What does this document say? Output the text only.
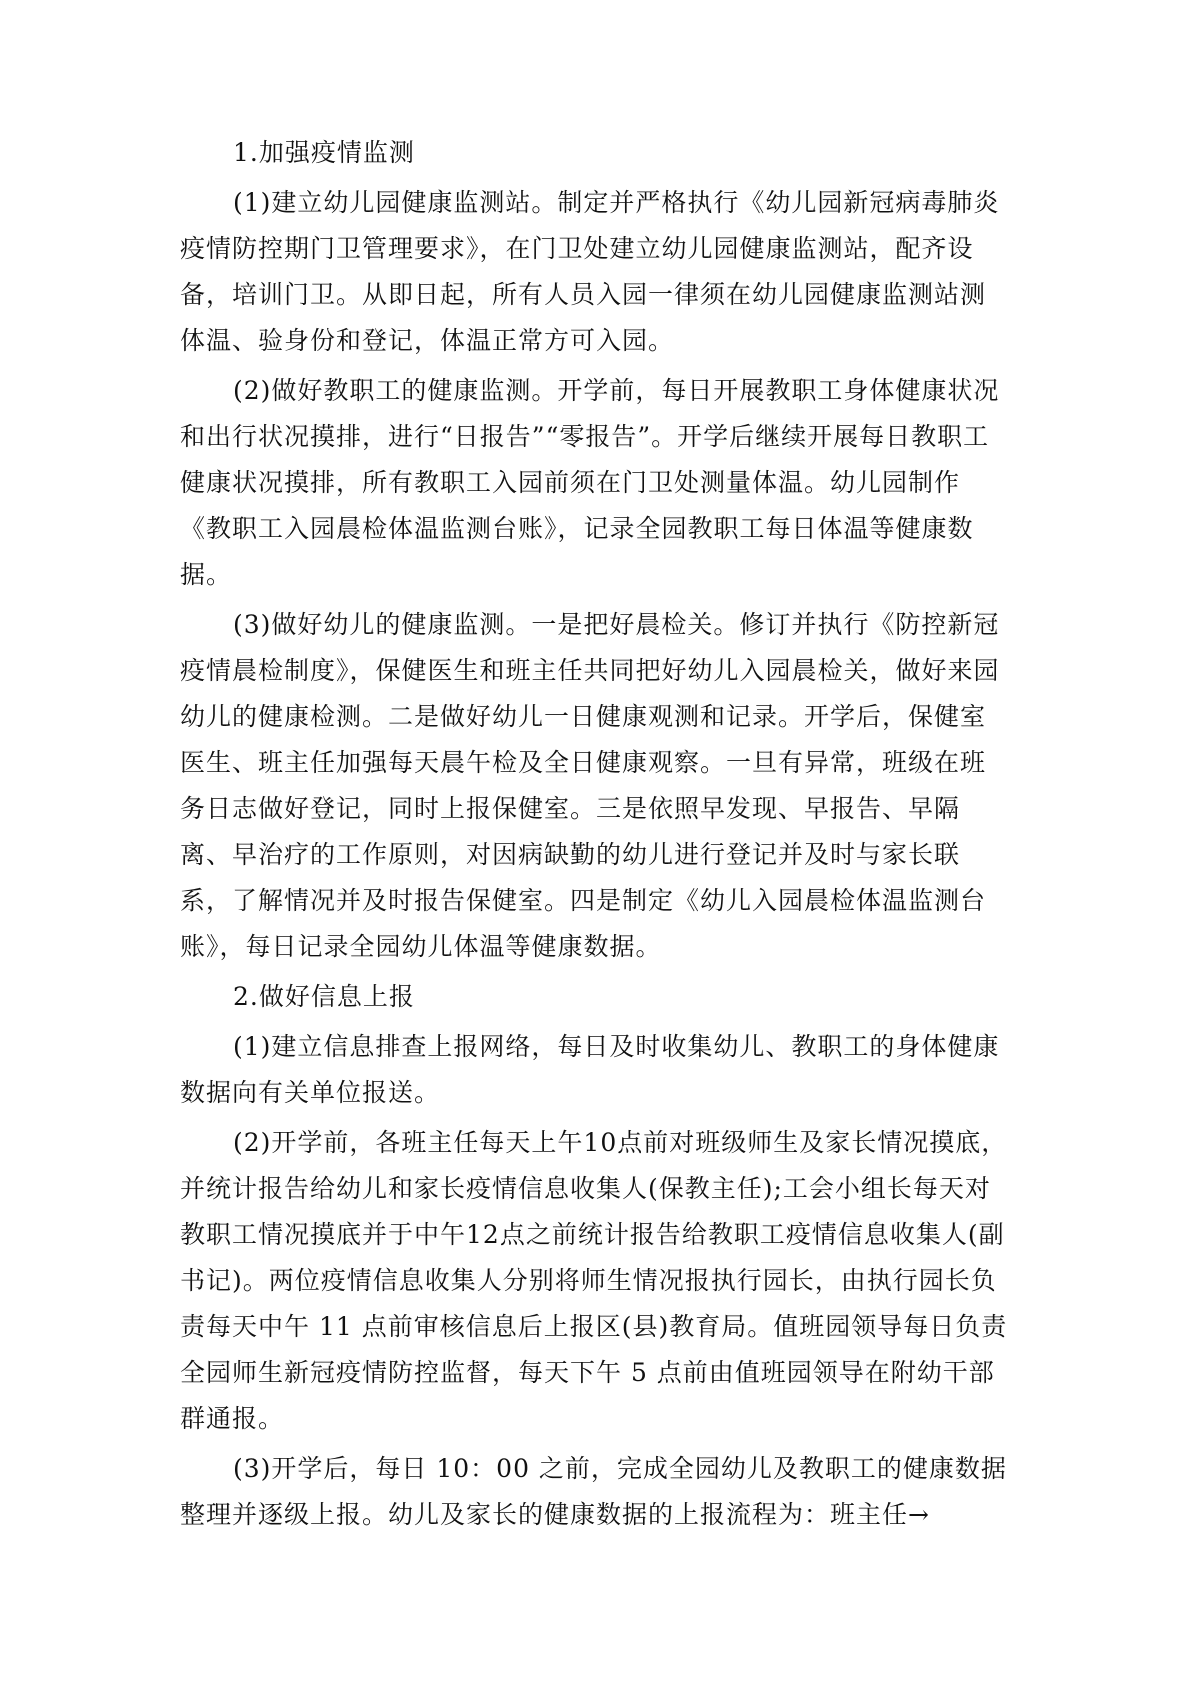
1.加强疫情监测

(1)建立幼儿园健康监测站。制定并严格执行《幼儿园新冠病毒肺炎疫情防控期门卫管理要求》，在门卫处建立幼儿园健康监测站，配齐设备，培训门卫。从即日起，所有人员入园一律须在幼儿园健康监测站测体温、验身份和登记，体温正常方可入园。

(2)做好教职工的健康监测。开学前，每日开展教职工身体健康状况和出行状况摸排，进行“日报告”“零报告”。开学后继续开展每日教职工健康状况摸排，所有教职工入园前须在门卫处测量体温。幼儿园制作《教职工入园晨检体温监测台账》，记录全园教职工每日体温等健康数据。

(3)做好幼儿的健康监测。一是把好晨检关。修订并执行《防控新冠疫情晨检制度》，保健医生和班主任共同把好幼儿入园晨检关，做好来园幼儿的健康检测。二是做好幼儿一日健康观测和记录。开学后，保健室医生、班主任加强每天晨午检及全日健康观察。一旦有异常，班级在班务日志做好登记，同时上报保健室。三是依照早发现、早报告、早隔离、早治疗的工作原则，对因病缺勤的幼儿进行登记并及时与家长联系，了解情况并及时报告保健室。四是制定《幼儿入园晨检体温监测台账》，每日记录全园幼儿体温等健康数据。

2.做好信息上报

(1)建立信息排查上报网络，每日及时收集幼儿、教职工的身体健康数据向有关单位报送。

(2)开学前，各班主任每天上午10点前对班级师生及家长情况摸底，并统计报告给幼儿和家长疫情信息收集人(保教主任);工会小组长每天对教职工情况摸底并于中午12点之前统计报告给教职工疫情信息收集人(副书记)。两位疫情信息收集人分别将师生情况报执行园长，由执行园长负责每天中午 11 点前审核信息后上报区(县)教育局。值班园领导每日负责全园师生新冠疫情防控监督，每天下午 5 点前由值班园领导在附幼干部群通报。

(3)开学后，每日 10：00 之前，完成全园幼儿及教职工的健康数据整理并逐级上报。幼儿及家长的健康数据的上报流程为：班主任→
